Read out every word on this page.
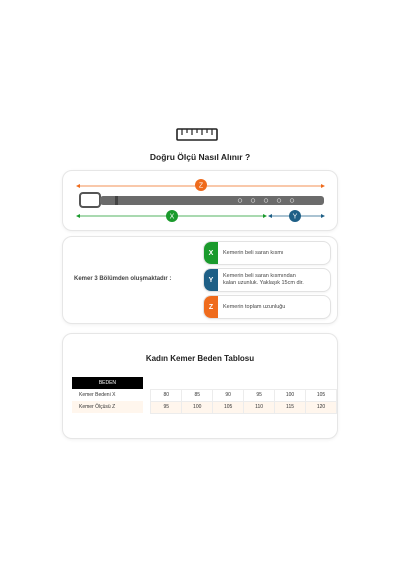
Doğru Ölçü Nasıl Alınır ?
Z
X	Y
Kemer 3 Bölümden oluşmaktadır :
X	Kemerin beli saran kısmı
Y
Kemerin beli saran kısmından
kalan uzunluk. Yaklaşık 15cm dir.
Z	Kemerin toplam uzunluğu
Kadın Kemer Beden Tablosu
BEDEN							
Kemer Bedeni X		80	85	90	95	100	105
Kemer Ölçüsü Z		95	100	105	110	115	120
